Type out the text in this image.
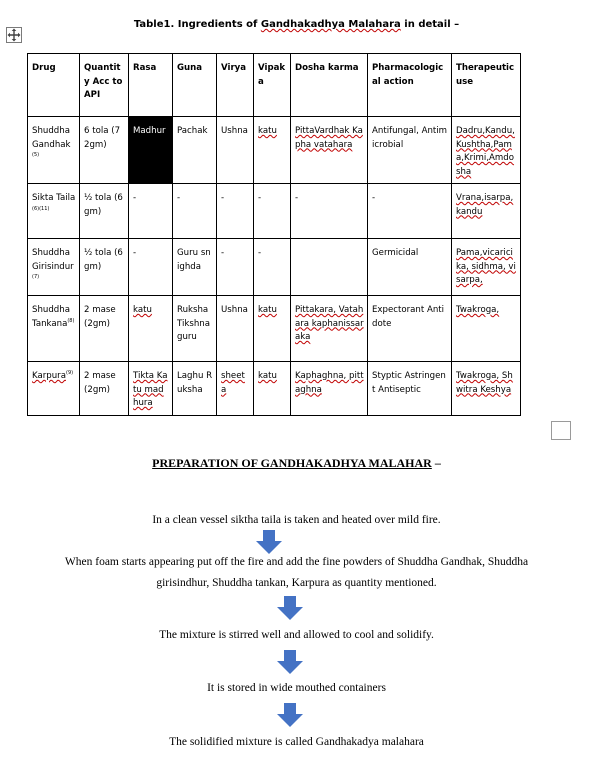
Table1. Ingredients of Gandhakadhya Malahara in detail –
Drug	Quantity Acc to API	Rasa	Guna	Virya	Vipaka	Dosha karma	Pharmacological action	Therapeutic use
Shuddha Gandhak$^{(5)}$	6 tola (72gm)	Madhur	Pachak	Ushna	katu	PittaVardhak Kapha vatahara	Antifungal, Antimicrobial	Dadru,Kandu, Kushtha,Pama,Krimi,Amdosha
Sikta Taila$^{(6)(11)}$	½ tola (6gm)	-	-	-	-	-	-	Vrana,isarpa,kandu
Shuddha Girisindur$^{(7)}$	½ tola (6gm)	-	Guru snighda	-	-		Germicidal	Pama,vicaricika, sidhma, visarpa,
Shuddha Tankana$^{(8)}$	2 mase (2gm)	katu	Ruksha Tikshna guru	Ushna	katu	Pittakara, Vatahara kaphanissaraka	Expectorant Antidote	Twakroga,
Karpura$^{(9)}$	2 mase (2gm)	Tikta Katu madhura	Laghu Ruksha	sheeta	katu	Kaphaghna, pittaghna	Styptic Astringent Antiseptic	Twakroga, Shwitra Keshya
PREPARATION OF GANDHAKADHYA MALAHAR –
In a clean vessel siktha taila is taken and heated over mild fire.
When foam starts appearing put off the fire and add the fine powders of Shuddha Gandhak, Shuddha girisindhur, Shuddha tankan, Karpura as quantity mentioned.
The mixture is stirred well and allowed to cool and solidify.
It is stored in wide mouthed containers
The solidified mixture is called Gandhakadya malahara
